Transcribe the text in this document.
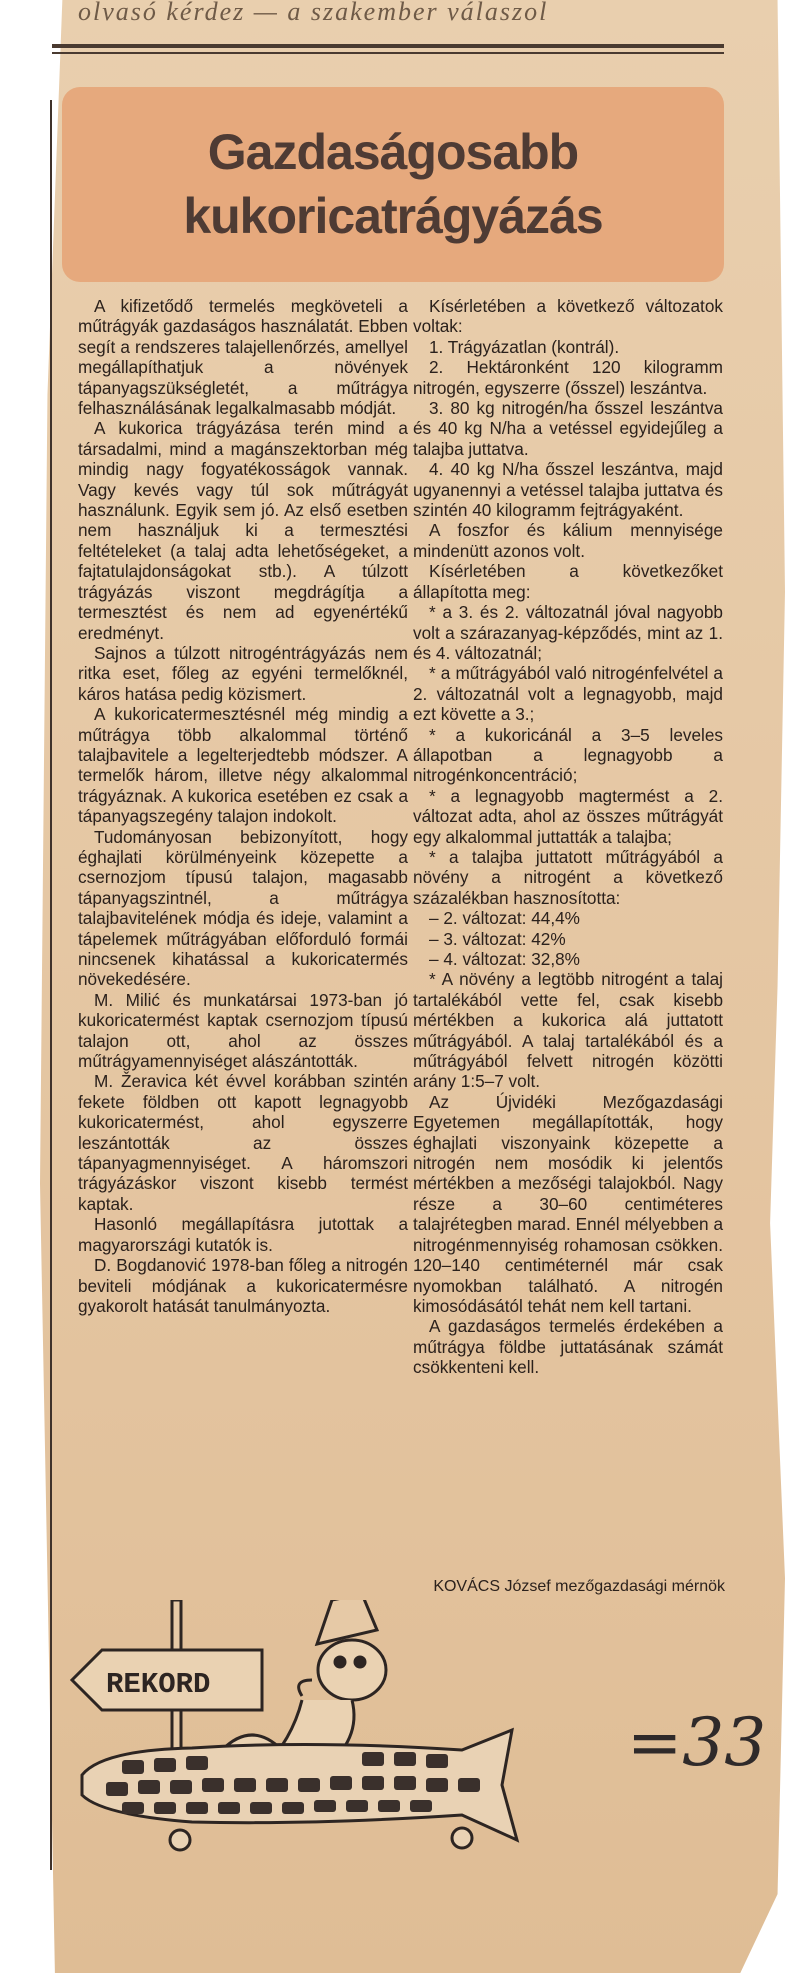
olvasó kérdez — a szakember válaszol
Gazdaságosabb
kukoricatrágyázás

A kifizetődő termelés megköveteli a műtrágyák gazdaságos használatát. Ebben segít a rendszeres talajellenőrzés, amellyel megállapíthatjuk a növények tápanyagszükségletét, a műtrágya felhasználásának legalkalmasabb módját.

A kukorica trágyázása terén mind a társadalmi, mind a magánszektorban még mindig nagy fogyatékosságok vannak. Vagy kevés vagy túl sok műtrágyát használunk. Egyik sem jó. Az első esetben nem használjuk ki a termesztési feltételeket (a talaj adta lehetőségeket, a fajtatulajdonságokat stb.). A túlzott trágyázás viszont megdrágítja a termesztést és nem ad egyenértékű eredményt.

Sajnos a túlzott nitrogéntrágyázás nem ritka eset, főleg az egyéni termelőknél, káros hatása pedig közismert.

A kukoricatermesztésnél még mindig a műtrágya több alkalommal történő talajbavitele a legelterjedtebb módszer. A termelők három, illetve négy alkalommal trágyáznak. A kukorica esetében ez csak a tápanyagszegény talajon indokolt.

Tudományosan bebizonyított, hogy éghajlati körülményeink közepette a csernozjom típusú talajon, magasabb tápanyagszintnél, a műtrágya talajbavitelének módja és ideje, valamint a tápelemek műtrágyában előforduló formái nincsenek kihatással a kukoricatermés növekedésére.

M. Milić és munkatársai 1973-ban jó kukoricatermést kaptak csernozjom típusú talajon ott, ahol az összes műtrágyamennyiséget alászántották.

M. Žeravica két évvel korábban szintén fekete földben ott kapott legnagyobb kukoricatermést, ahol egyszerre leszántották az összes tápanyagmennyiséget. A háromszori trágyázáskor viszont kisebb termést kaptak.

Hasonló megállapításra jutottak a magyarországi kutatók is.

D. Bogdanović 1978-ban főleg a nitrogén beviteli módjának a kukoricatermésre gyakorolt hatását tanulmányozta.

Kísérletében a következő változatok voltak:

1. Trágyázatlan (kontrál).

2. Hektáronként 120 kilogramm nitrogén, egyszerre (ősszel) leszántva.

3. 80 kg nitrogén/ha ősszel leszántva és 40 kg N/ha a vetéssel egyidejűleg a talajba juttatva.

4. 40 kg N/ha ősszel leszántva, majd ugyanennyi a vetéssel talajba juttatva és szintén 40 kilogramm fejtrágyaként.

A foszfor és kálium mennyisége mindenütt azonos volt.

Kísérletében a következőket állapította meg:

* a 3. és 2. változatnál jóval nagyobb volt a szárazanyag-képződés, mint az 1. és 4. változatnál;

* a műtrágyából való nitrogénfelvétel a 2. változatnál volt a legnagyobb, majd ezt követte a 3.;

* a kukoricánál a 3–5 leveles állapotban a legnagyobb a nitrogénkoncentráció;

* a legnagyobb magtermést a 2. változat adta, ahol az összes műtrágyát egy alkalommal juttatták a talajba;

* a talajba juttatott műtrágyából a növény a nitrogént a következő százalékban hasznosította:

– 2. változat: 44,4%

– 3. változat: 42%

– 4. változat: 32,8%

* A növény a legtöbb nitrogént a talaj tartalékából vette fel, csak kisebb mértékben a kukorica alá juttatott műtrágyából. A talaj tartalékából és a műtrágyából felvett nitrogén közötti arány 1:5–7 volt.

Az Újvidéki Mezőgazdasági Egyetemen megállapították, hogy éghajlati viszonyaink közepette a nitrogén nem mosódik ki jelentős mértékben a mezőségi talajokból. Nagy része a 30–60 centiméteres talajrétegben marad. Ennél mélyebben a nitrogénmennyiség rohamosan csökken. 120–140 centiméternél már csak nyomokban található. A nitrogén kimosódásától tehát nem kell tartani.

A gazdaságos termelés érdekében a műtrágya földbe juttatásának számát csökkenteni kell.

KOVÁCS József mezőgazdasági mérnök
REKORD
=33
